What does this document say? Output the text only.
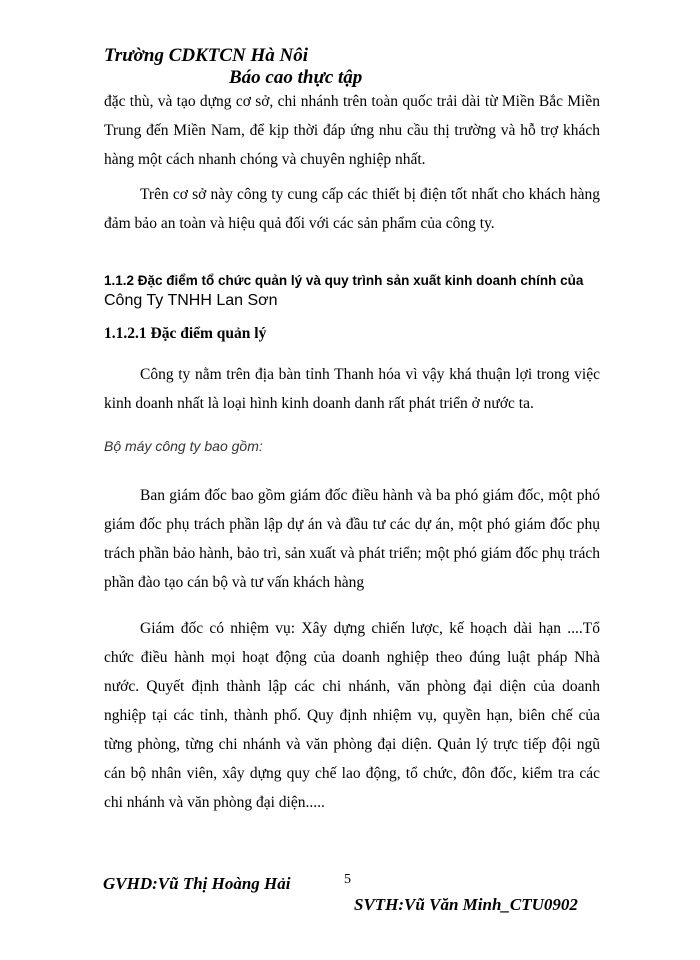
Trường CDKTCN Hà Nôi
Báo cao thực tập

đặc thù, và tạo dựng cơ sở, chi nhánh trên toàn quốc trải dài từ Miền Bắc Miền Trung đến Miền Nam, để kịp thời đáp ứng nhu cầu thị trường và hỗ trợ khách hàng một cách nhanh chóng và chuyên nghiệp nhất.

Trên cơ sở này công ty cung cấp các thiết bị điện tốt nhất cho khách hàng đảm bảo an toàn và hiệu quả đối với các sản phẩm của công ty.

1.1.2 Đặc điểm tổ chức quản lý và quy trình sản xuất kinh doanh chính của Công Ty TNHH Lan Sơn

1.1.2.1 Đặc điểm quản lý

Công ty nằm trên địa bàn tỉnh Thanh hóa vì vậy khá thuận lợi trong việc kinh doanh nhất là loại hình kinh doanh danh rất phát triển ở nước ta.

Bộ máy công ty bao gồm:

Ban giám đốc bao gồm giám đốc điều hành và ba phó giám đốc, một phó giám đốc phụ trách phần lập dự án và đầu tư các dự án, một phó giám đốc phụ trách phần bảo hành, bảo trì, sản xuất và phát triển; một phó giám đốc phụ trách phần đào tạo cán bộ và tư vấn khách hàng

Giám đốc có nhiệm vụ: Xây dựng chiến lược, kế hoạch dài hạn ....Tổ chức điều hành mọi hoạt động của doanh nghiệp theo đúng luật pháp Nhà nước. Quyết định thành lập các chi nhánh, văn phòng đại diện của doanh nghiệp tại các tỉnh, thành phố. Quy định nhiệm vụ, quyền hạn, biên chế của từng phòng, từng chi nhánh và văn phòng đại diện. Quản lý trực tiếp đội ngũ cán bộ nhân viên, xây dựng quy chế lao động, tổ chức, đôn đốc, kiểm tra các chi nhánh và văn phòng đại diện.....

GVHD:Vũ Thị Hoàng Hải	5
SVTH:Vũ Văn Minh_CTU0902
